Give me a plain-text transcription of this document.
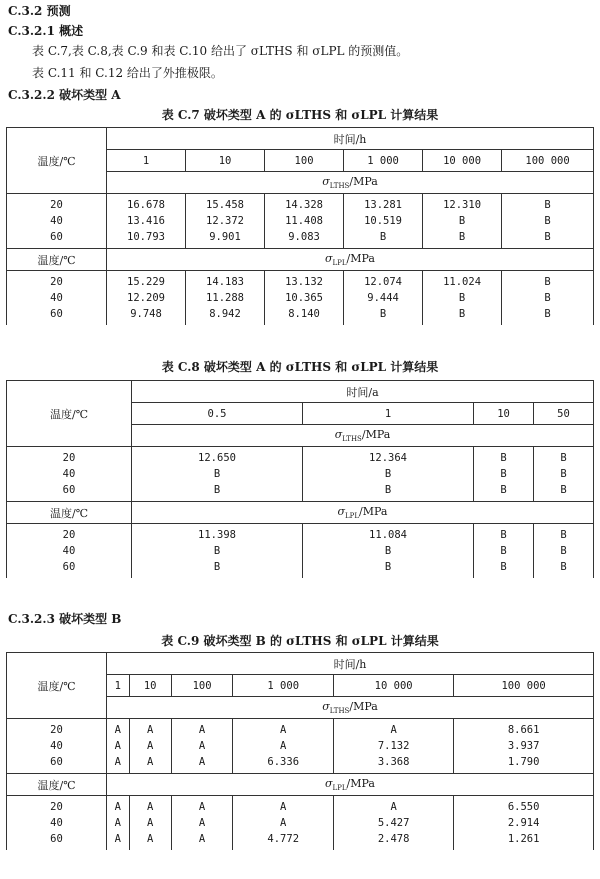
C.3.2 预测
C.3.2.1 概述
表 C.7,表 C.8,表 C.9 和表 C.10 给出了 σLTHS 和 σLPL 的预测值。
表 C.11 和 C.12 给出了外推极限。
C.3.2.2 破坏类型 A
表 C.7 破坏类型 A 的 σLTHS 和 σLPL 计算结果
温度/℃	时间/h					
	1	10	100	1 000	10 000	100 000
	$\sigma_{LTHS}$/MPa					
20	16.678	15.458	14.328	13.281	12.310	B
40	13.416	12.372	11.408	10.519	B	B
60	10.793	9.901	9.083	B	B	B
温度/℃	$\sigma_{LPL}$/MPa					
20	15.229	14.183	13.132	12.074	11.024	B
40	12.209	11.288	10.365	9.444	B	B
60	9.748	8.942	8.140	B	B	B
表 C.8 破坏类型 A 的 σLTHS 和 σLPL 计算结果
温度/℃	时间/a			
	0.5	1	10	50
	$\sigma_{LTHS}$/MPa			
20	12.650	12.364	B	B
40	B	B	B	B
60	B	B	B	B
温度/℃	$\sigma_{LPL}$/MPa			
20	11.398	11.084	B	B
40	B	B	B	B
60	B	B	B	B
C.3.2.3 破坏类型 B
表 C.9 破坏类型 B 的 σLTHS 和 σLPL 计算结果
温度/℃	时间/h					
	1	10	100	1 000	10 000	100 000
	$\sigma_{LTHS}$/MPa					
20	A	A	A	A	A	8.661
40	A	A	A	A	7.132	3.937
60	A	A	A	6.336	3.368	1.790
温度/℃	$\sigma_{LPL}$/MPa					
20	A	A	A	A	A	6.550
40	A	A	A	A	5.427	2.914
60	A	A	A	4.772	2.478	1.261
